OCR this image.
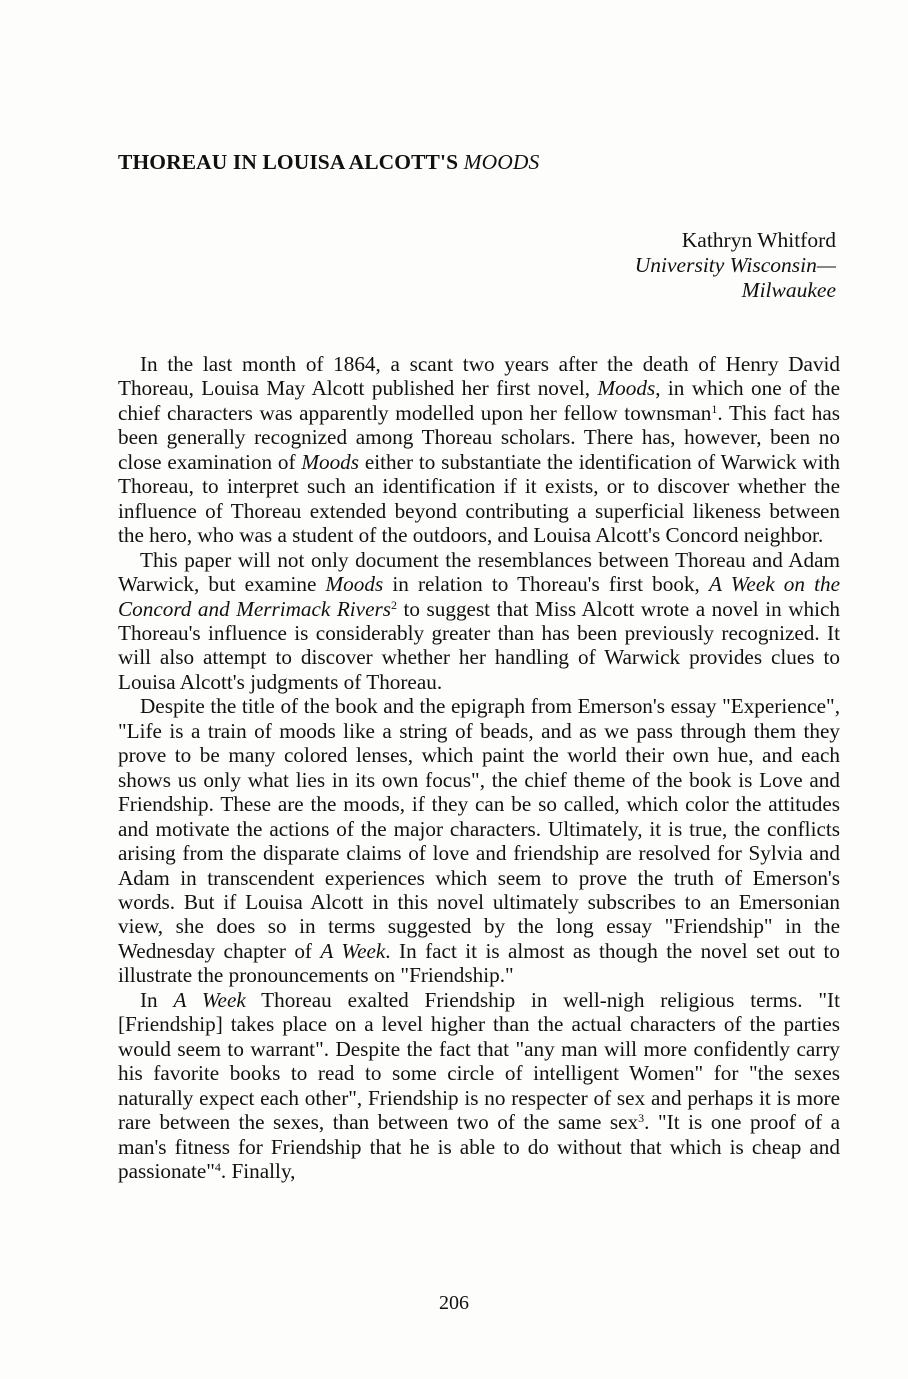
THOREAU IN LOUISA ALCOTT'S MOODS
Kathryn Whitford
University Wisconsin—
Milwaukee

In the last month of 1864, a scant two years after the death of Henry David Thoreau, Louisa May Alcott published her first novel, Moods, in which one of the chief characters was apparently modelled upon her fellow townsman$^1$. This fact has been generally recognized among Thoreau scholars. There has, however, been no close examination of Moods either to substantiate the identification of Warwick with Thoreau, to interpret such an identification if it exists, or to discover whether the influence of Thoreau extended beyond contributing a superficial likeness between the hero, who was a student of the outdoors, and Louisa Alcott's Concord neighbor.

This paper will not only document the resemblances between Thoreau and Adam Warwick, but examine Moods in relation to Thoreau's first book, A Week on the Concord and Merrimack Rivers$^2$ to suggest that Miss Alcott wrote a novel in which Thoreau's influence is considerably greater than has been previously recognized. It will also attempt to discover whether her handling of Warwick provides clues to Louisa Alcott's judgments of Thoreau.

Despite the title of the book and the epigraph from Emerson's essay "Experience", "Life is a train of moods like a string of beads, and as we pass through them they prove to be many colored lenses, which paint the world their own hue, and each shows us only what lies in its own focus", the chief theme of the book is Love and Friendship. These are the moods, if they can be so called, which color the attitudes and motivate the actions of the major characters. Ultimately, it is true, the conflicts arising from the disparate claims of love and friendship are resolved for Sylvia and Adam in transcendent experiences which seem to prove the truth of Emerson's words. But if Louisa Alcott in this novel ultimately subscribes to an Emersonian view, she does so in terms suggested by the long essay "Friendship" in the Wednesday chapter of A Week. In fact it is almost as though the novel set out to illustrate the pronouncements on "Friendship."

In A Week Thoreau exalted Friendship in well-nigh religious terms. "It [Friendship] takes place on a level higher than the actual characters of the parties would seem to warrant". Despite the fact that "any man will more confidently carry his favorite books to read to some circle of intelligent Women" for "the sexes naturally expect each other", Friendship is no respecter of sex and perhaps it is more rare between the sexes, than between two of the same sex$^3$. "It is one proof of a man's fitness for Friendship that he is able to do without that which is cheap and passionate"$^4$. Finally,

206
